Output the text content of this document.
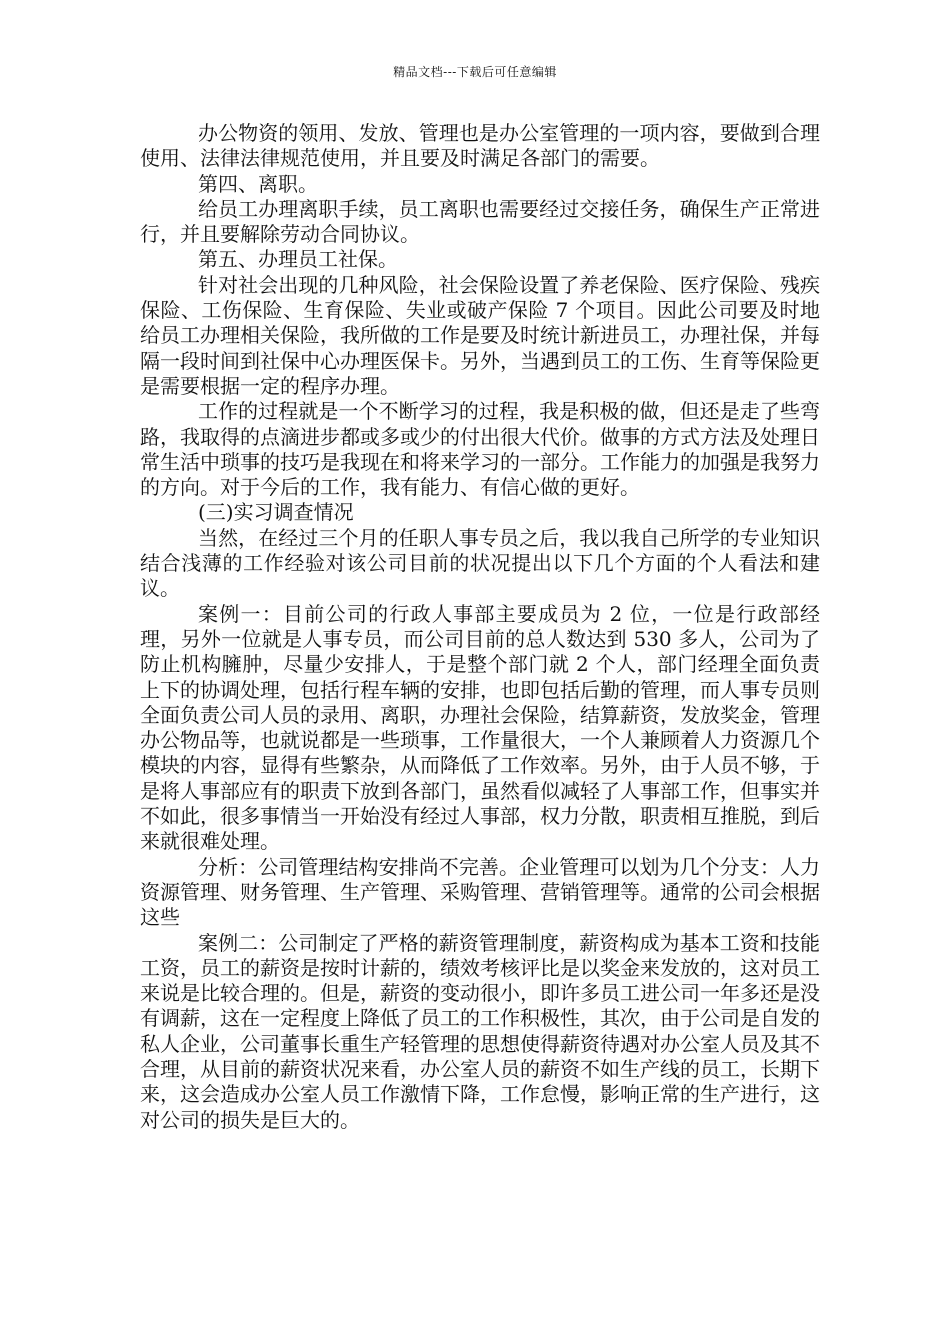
精品文档---下载后可任意编辑

办公物资的领用、发放、管理也是办公室管理的一项内容，要做到合理使用、法律法律规范使用，并且要及时满足各部门的需要。

第四、离职。

给员工办理离职手续，员工离职也需要经过交接任务，确保生产正常进行，并且要解除劳动合同协议。

第五、办理员工社保。

针对社会出现的几种风险，社会保险设置了养老保险、医疗保险、残疾保险、工伤保险、生育保险、失业或破产保险 7 个项目。因此公司要及时地给员工办理相关保险，我所做的工作是要及时统计新进员工，办理社保，并每隔一段时间到社保中心办理医保卡。另外，当遇到员工的工伤、生育等保险更是需要根据一定的程序办理。

工作的过程就是一个不断学习的过程，我是积极的做，但还是走了些弯路，我取得的点滴进步都或多或少的付出很大代价。做事的方式方法及处理日常生活中琐事的技巧是我现在和将来学习的一部分。工作能力的加强是我努力的方向。对于今后的工作，我有能力、有信心做的更好。

(三)实习调查情况

当然，在经过三个月的任职人事专员之后，我以我自己所学的专业知识结合浅薄的工作经验对该公司目前的状况提出以下几个方面的个人看法和建议。

案例一：目前公司的行政人事部主要成员为 2 位，一位是行政部经理，另外一位就是人事专员，而公司目前的总人数达到 530 多人，公司为了防止机构臃肿，尽量少安排人，于是整个部门就 2 个人，部门经理全面负责上下的协调处理，包括行程车辆的安排，也即包括后勤的管理，而人事专员则全面负责公司人员的录用、离职，办理社会保险，结算薪资，发放奖金，管理办公物品等，也就说都是一些琐事，工作量很大，一个人兼顾着人力资源几个模块的内容，显得有些繁杂，从而降低了工作效率。另外，由于人员不够，于是将人事部应有的职责下放到各部门，虽然看似减轻了人事部工作，但事实并不如此，很多事情当一开始没有经过人事部，权力分散，职责相互推脱，到后来就很难处理。

分析：公司管理结构安排尚不完善。企业管理可以划为几个分支：人力资源管理、财务管理、生产管理、采购管理、营销管理等。通常的公司会根据这些

案例二：公司制定了严格的薪资管理制度，薪资构成为基本工资和技能工资，员工的薪资是按时计薪的，绩效考核评比是以奖金来发放的，这对员工来说是比较合理的。但是，薪资的变动很小，即许多员工进公司一年多还是没有调薪，这在一定程度上降低了员工的工作积极性，其次，由于公司是自发的私人企业，公司董事长重生产轻管理的思想使得薪资待遇对办公室人员及其不合理，从目前的薪资状况来看，办公室人员的薪资不如生产线的员工，长期下来，这会造成办公室人员工作激情下降，工作怠慢，影响正常的生产进行，这对公司的损失是巨大的。
